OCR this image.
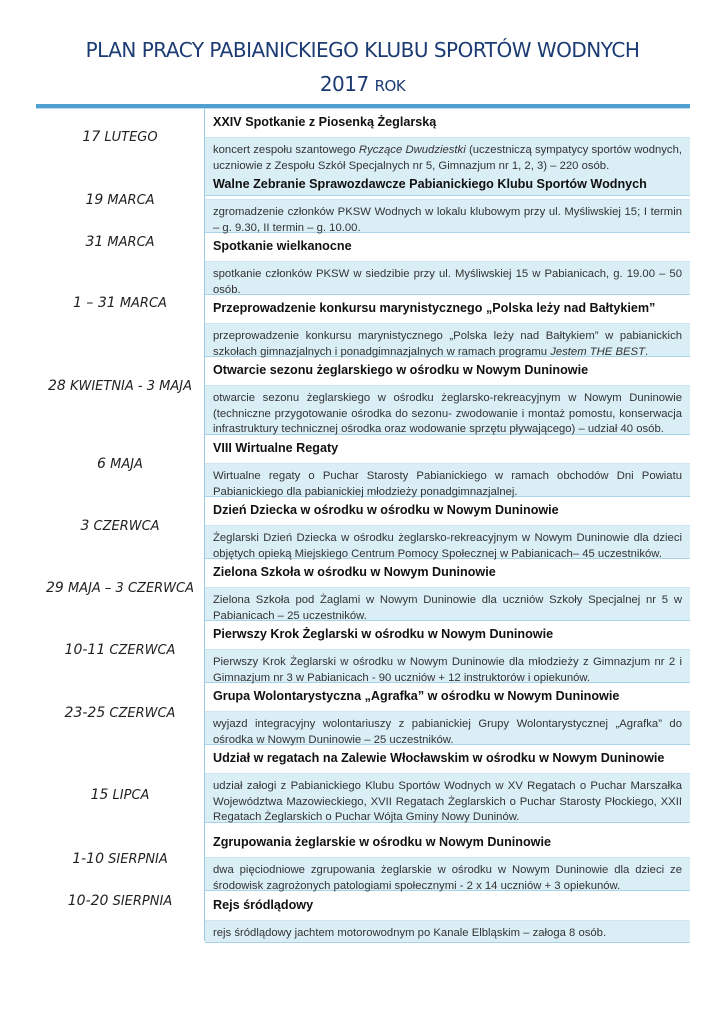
PLAN PRACY PABIANICKIEGO KLUBU SPORTÓW WODNYCH
2017 ROK
17 LUTEGO
19 MARCA
31 MARCA
1 – 31 MARCA
28 KWIETNIA - 3 MAJA
6 MAJA
3 CZERWCA
29 MAJA – 3 CZERWCA
10-11 CZERWCA
23-25 CZERWCA
15 LIPCA
1-10 SIERPNIA
10-20 SIERPNIA
XXIV Spotkanie z Piosenką Żeglarską
koncert zespołu szantowego Ryczące Dwudziestki (uczestniczą sympatycy sportów wodnych, uczniowie z Zespołu Szkół Specjalnych nr 5, Gimnazjum nr 1, 2, 3) – 220 osób.
Walne Zebranie Sprawozdawcze Pabianickiego Klubu Sportów Wodnych
zgromadzenie członków PKSW Wodnych w lokalu klubowym przy ul. Myśliwskiej 15; I termin – g. 9.30, II termin – g. 10.00.
Spotkanie wielkanocne
spotkanie członków PKSW w siedzibie przy ul. Myśliwskiej 15 w Pabianicach, g. 19.00 – 50 osób.
Przeprowadzenie konkursu marynistycznego „Polska leży nad Bałtykiem”
przeprowadzenie konkursu marynistycznego „Polska leży nad Bałtykiem” w pabianickich szkołach gimnazjalnych i ponadgimnazjalnych w ramach programu Jestem THE BEST.
Otwarcie sezonu żeglarskiego w ośrodku w Nowym Duninowie
otwarcie sezonu żeglarskiego w ośrodku żeglarsko-rekreacyjnym w Nowym Duninowie (techniczne przygotowanie ośrodka do sezonu- zwodowanie i montaż pomostu, konserwacja infrastruktury technicznej ośrodka oraz wodowanie sprzętu pływającego) – udział 40 osób.
VIII Wirtualne Regaty
Wirtualne regaty o Puchar Starosty Pabianickiego w ramach obchodów Dni Powiatu Pabianickiego dla pabianickiej młodzieży ponadgimnazjalnej.
Dzień Dziecka w ośrodku w ośrodku w Nowym Duninowie
Żeglarski Dzień Dziecka w ośrodku żeglarsko-rekreacyjnym w Nowym Duninowie dla dzieci objętych opieką Miejskiego Centrum Pomocy Społecznej w Pabianicach– 45 uczestników.
Zielona Szkoła w ośrodku w Nowym Duninowie
Zielona Szkoła pod Żaglami w Nowym Duninowie dla uczniów Szkoły Specjalnej nr 5 w Pabianicach – 25 uczestników.
Pierwszy Krok Żeglarski w ośrodku w Nowym Duninowie
Pierwszy Krok Żeglarski w ośrodku w Nowym Duninowie dla młodzieży z Gimnazjum nr 2 i Gimnazjum nr 3 w Pabianicach - 90 uczniów + 12 instruktorów i opiekunów.
Grupa Wolontarystyczna „Agrafka” w ośrodku w Nowym Duninowie
wyjazd integracyjny wolontariuszy z pabianickiej Grupy Wolontarystycznej „Agrafka” do ośrodka w Nowym Duninowie – 25 uczestników.
Udział w regatach na Zalewie Włocławskim w ośrodku w Nowym Duninowie
udział załogi z Pabianickiego Klubu Sportów Wodnych w XV Regatach o Puchar Marszałka Województwa Mazowieckiego, XVII Regatach Żeglarskich o Puchar Starosty Płockiego, XXII Regatach Żeglarskich o Puchar Wójta Gminy Nowy Duninów.
Zgrupowania żeglarskie w ośrodku w Nowym Duninowie
dwa pięciodniowe zgrupowania żeglarskie w ośrodku w Nowym Duninowie dla dzieci ze środowisk zagrożonych patologiami społecznymi - 2 x 14 uczniów + 3 opiekunów.
Rejs śródlądowy
rejs śródlądowy jachtem motorowodnym po Kanale Elbląskim – załoga 8 osób.
